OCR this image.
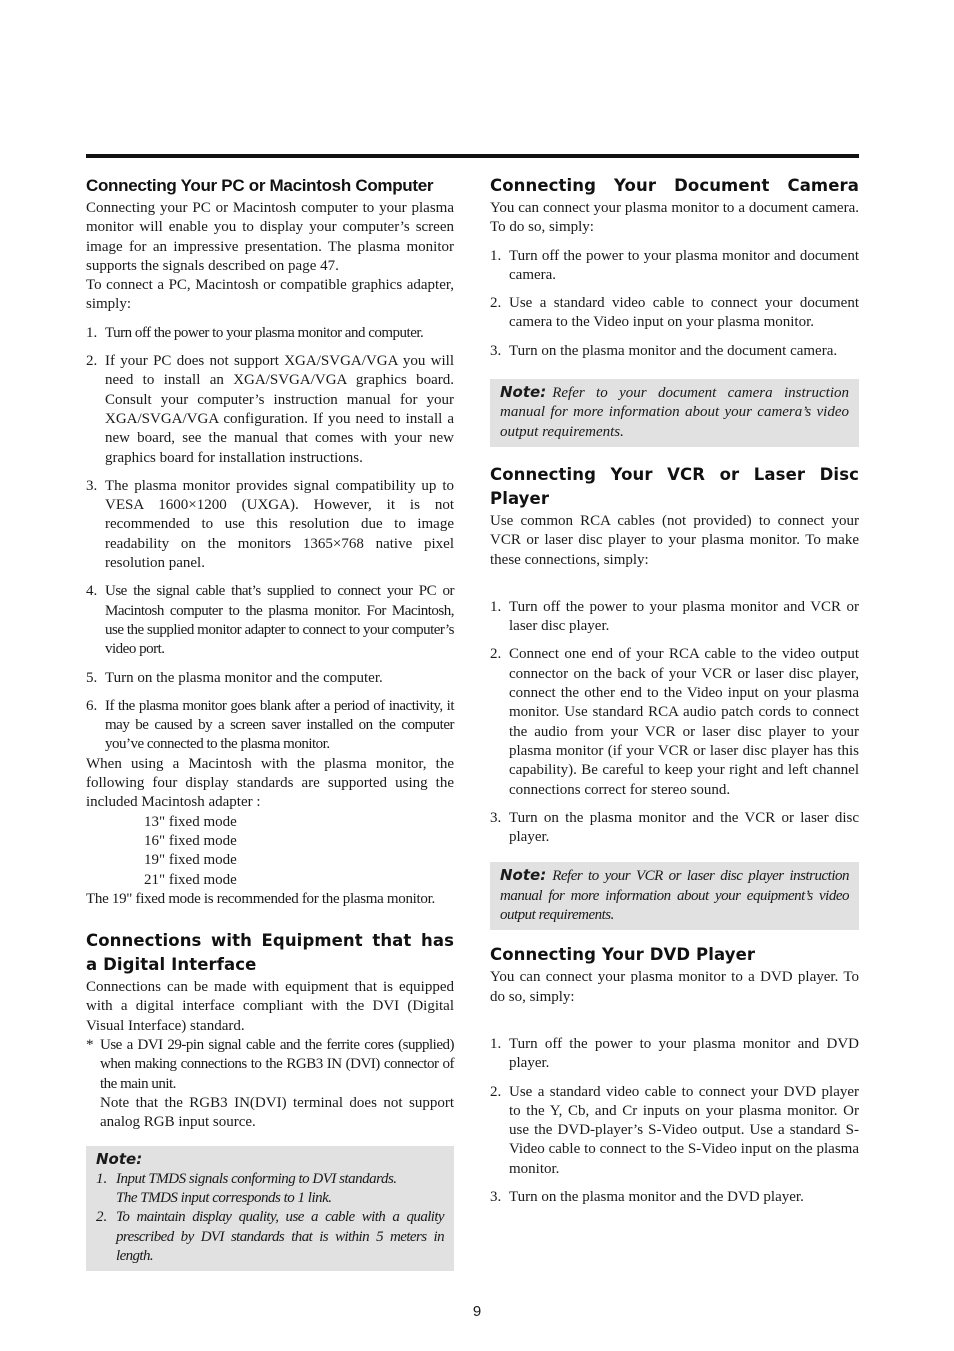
Connecting Your PC or Macintosh Computer

Connecting your PC or Macintosh computer to your plasma monitor will enable you to display your computer’s screen image for an impressive presentation. The plasma monitor supports the signals described on page 47.

To connect a PC, Macintosh or compatible graphics adapter, simply:

1. Turn off the power to your plasma monitor and computer.
2. If your PC does not support XGA/SVGA/VGA you will need to install an XGA/SVGA/VGA graphics board. Consult your computer’s instruction manual for your XGA/SVGA/VGA configuration. If you need to install a new board, see the manual that comes with your new graphics board for installation instructions.
3. The plasma monitor provides signal compatibility up to VESA 1600×1200 (UXGA). However, it is not recommended to use this resolution due to image readability on the monitors 1365×768 native pixel resolution panel.
4. Use the signal cable that’s supplied to connect your PC or Macintosh computer to the plasma monitor. For Macintosh, use the supplied monitor adapter to connect to your computer’s video port.
5. Turn on the plasma monitor and the computer.
6. If the plasma monitor goes blank after a period of inactivity, it may be caused by a screen saver installed on the computer you’ve connected to the plasma monitor.

When using a Macintosh with the plasma monitor, the following four display standards are supported using the included Macintosh adapter :

13" fixed mode
16" fixed mode
19" fixed mode
21" fixed mode

The 19" fixed mode is recommended for the plasma monitor.

Connections with Equipment that has a Digital Interface

Connections can be made with equipment that is equipped with a digital interface compliant with the DVI (Digital Visual Interface) standard.

* Use a DVI 29-pin signal cable and the ferrite cores (supplied) when making connections to the RGB3 IN (DVI) connector of the main unit.
Note that the RGB3 IN(DVI) terminal does not support analog RGB input source.
Note:
1. Input TMDS signals conforming to DVI standards.
The TMDS input corresponds to 1 link.
2. To maintain display quality, use a cable with a quality prescribed by DVI standards that is within 5 meters in length.
Connecting Your Document Camera

You can connect your plasma monitor to a document camera. To do so, simply:

1. Turn off the power to your plasma monitor and document camera.
2. Use a standard video cable to connect your document camera to the Video input on your plasma monitor.
3. Turn on the plasma monitor and the document camera.
Note: Refer to your document camera instruction manual for more information about your camera’s video output requirements.
Connecting Your VCR or Laser Disc Player

Use common RCA cables (not provided) to connect your VCR or laser disc player to your plasma monitor. To make these connections, simply:

1. Turn off the power to your plasma monitor and VCR or laser disc player.
2. Connect one end of your RCA cable to the video output connector on the back of your VCR or laser disc player, connect the other end to the Video input on your plasma monitor. Use standard RCA audio patch cords to connect the audio from your VCR or laser disc player to your plasma monitor (if your VCR or laser disc player has this capability). Be careful to keep your right and left channel connections correct for stereo sound.
3. Turn on the plasma monitor and the VCR or laser disc player.
Note: Refer to your VCR or laser disc player instruction manual for more information about your equipment’s video output requirements.
Connecting Your DVD Player

You can connect your plasma monitor to a DVD player. To do so, simply:

1. Turn off the power to your plasma monitor and DVD player.
2. Use a standard video cable to connect your DVD player to the Y, Cb, and Cr inputs on your plasma monitor. Or use the DVD-player’s S-Video output. Use a standard S-Video cable to connect to the S-Video input on the plasma monitor.
3. Turn on the plasma monitor and the DVD player.
9
